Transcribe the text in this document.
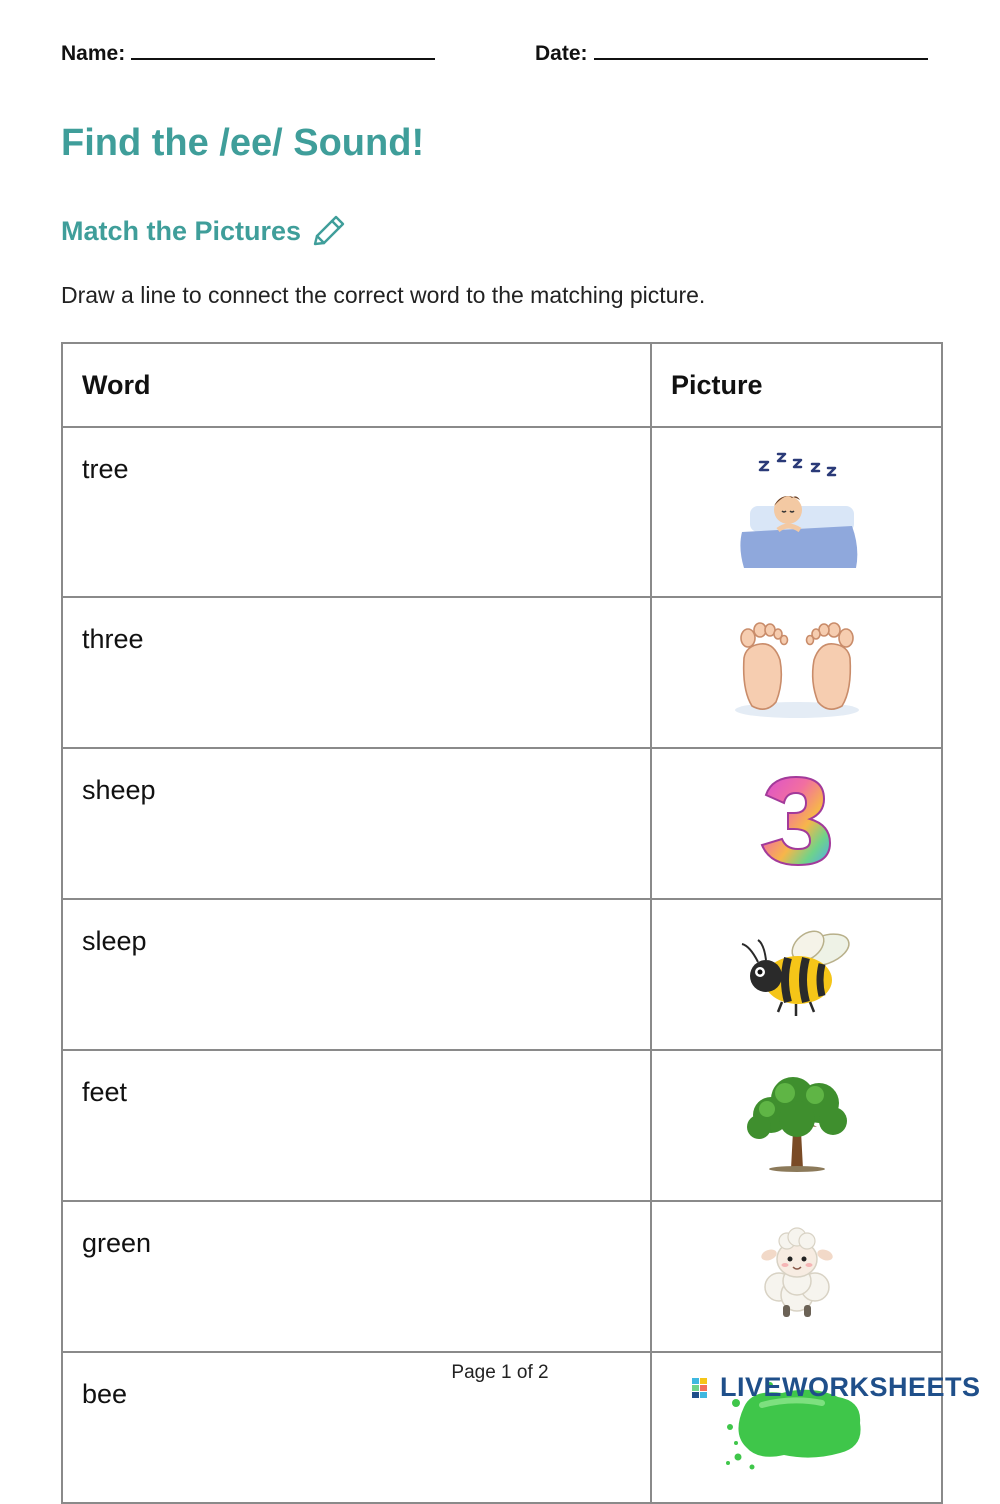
Name:	Date:
Find the /ee/ Sound!
Match the Pictures

Draw a line to connect the correct word to the matching picture.

Word	Picture
tree	
three	
sheep	
sleep	
feet	
green	
bee	
Page 1 of 2	LIVEWORKSHEETS
